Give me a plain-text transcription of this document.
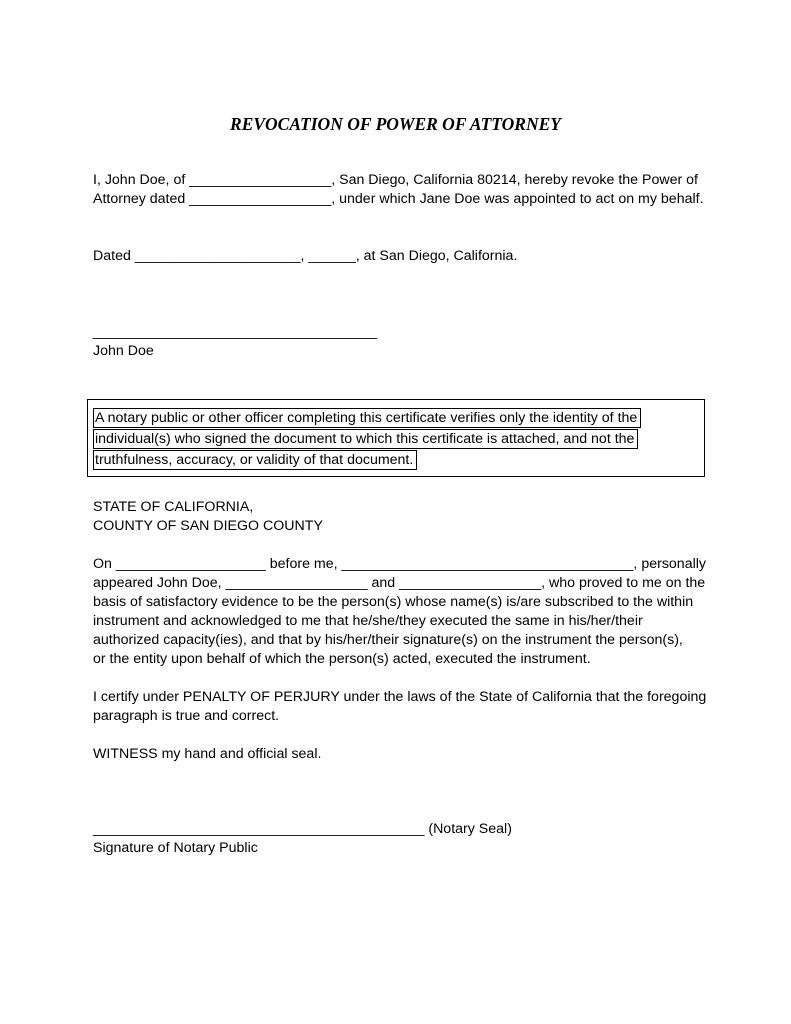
REVOCATION OF POWER OF ATTORNEY
I, John Doe, of __________________, San Diego, California 80214, hereby revoke the Power of
Attorney dated __________________, under which Jane Doe was appointed to act on my behalf.
Dated _____________________, ______, at San Diego, California.
____________________________________
John Doe
A notary public or other officer completing this certificate verifies only the identity of the
individual(s) who signed the document to which this certificate is attached, and not the
truthfulness, accuracy, or validity of that document.
STATE OF CALIFORNIA,
COUNTY OF SAN DIEGO COUNTY
On ___________________ before me, _____________________________________, personally
appeared John Doe, __________________ and __________________, who proved to me on the
basis of satisfactory evidence to be the person(s) whose name(s) is/are subscribed to the within
instrument and acknowledged to me that he/she/they executed the same in his/her/their
authorized capacity(ies), and that by his/her/their signature(s) on the instrument the person(s),
or the entity upon behalf of which the person(s) acted, executed the instrument.
I certify under PENALTY OF PERJURY under the laws of the State of California that the foregoing
paragraph is true and correct.
WITNESS my hand and official seal.
__________________________________________ (Notary Seal)
Signature of Notary Public
